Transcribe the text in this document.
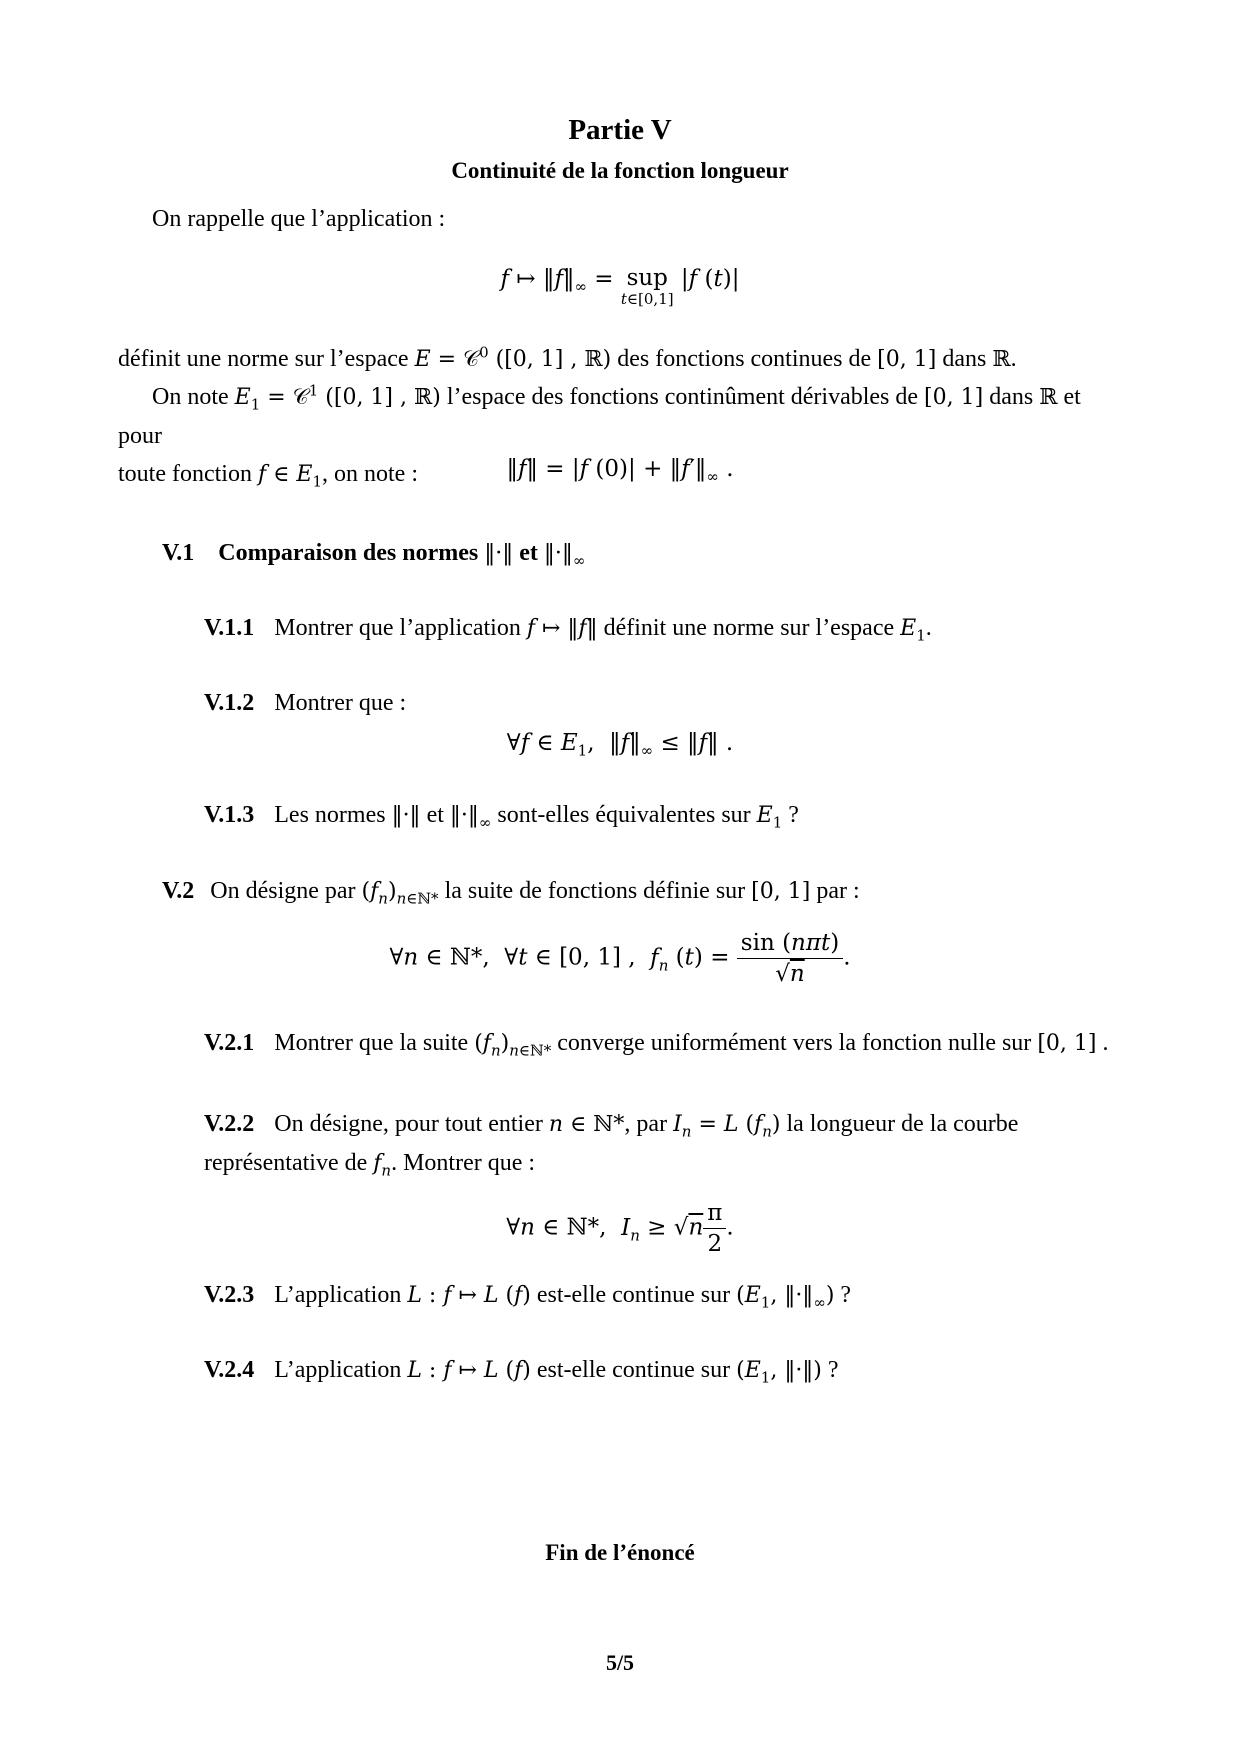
Partie V
Continuité de la fonction longueur
On rappelle que l’application :
f ↦ $‖f‖_\infty$ = sup
t∈[0,1]
|f (t)|
définit une norme sur l’espace E = 𝒞$^0$ ([0, 1] , ℝ) des fonctions continues de [0, 1] dans ℝ.
On note $E_1$ = 𝒞$^1$ ([0, 1] , ℝ) l’espace des fonctions continûment dérivables de [0, 1] dans ℝ et pour
toute fonction f ∈ $E_1$, on note :	‖f‖ = |f $(0)| + ‖f'‖_\infty$ .
V.1 Comparaison des normes ‖·‖ et $‖\cdot‖_\infty$
V.1.1 Montrer que l’application f ↦ ‖f‖ définit une norme sur l’espace $E_1$.
V.1.2 Montrer que :
∀f ∈ $E_1$,  $‖f‖_\infty$ ≤ ‖f‖ .
V.1.3 Les normes ‖·‖ et $‖\cdot‖_\infty$ sont-elles équivalentes sur $E_1$ ?
V.2 On désigne par $(f_n)_{n\in ℕ*}$ la suite de fonctions définie sur [0, 1] par :
∀n ∈ ℕ*,  ∀t ∈ [0, 1] ,  $f_n$ $(t) = \frac{\text{sin (nπt)}}{√n}$ .
V.2.1 Montrer que la suite $(f_n)_{n\in ℕ*}$ converge uniformément vers la fonction nulle sur [0, 1] .
V.2.2 On désigne, pour tout entier n ∈ ℕ*, par $I_n = L$ $(f_n)$ la longueur de la courbe
représentative de $f_n$. Montrer que :
∀n ∈ ℕ*,  $I_n \ge √n \frac{\pi}{2}$ .
V.2.3 L’application L : f ↦ L (f) est-elle continue sur ($E_1$, $‖\cdot‖_\infty$) ?
V.2.4 L’application L : f ↦ L (f) est-elle continue sur ($E_1$, ‖·‖) ?
Fin de l’énoncé
5/5
